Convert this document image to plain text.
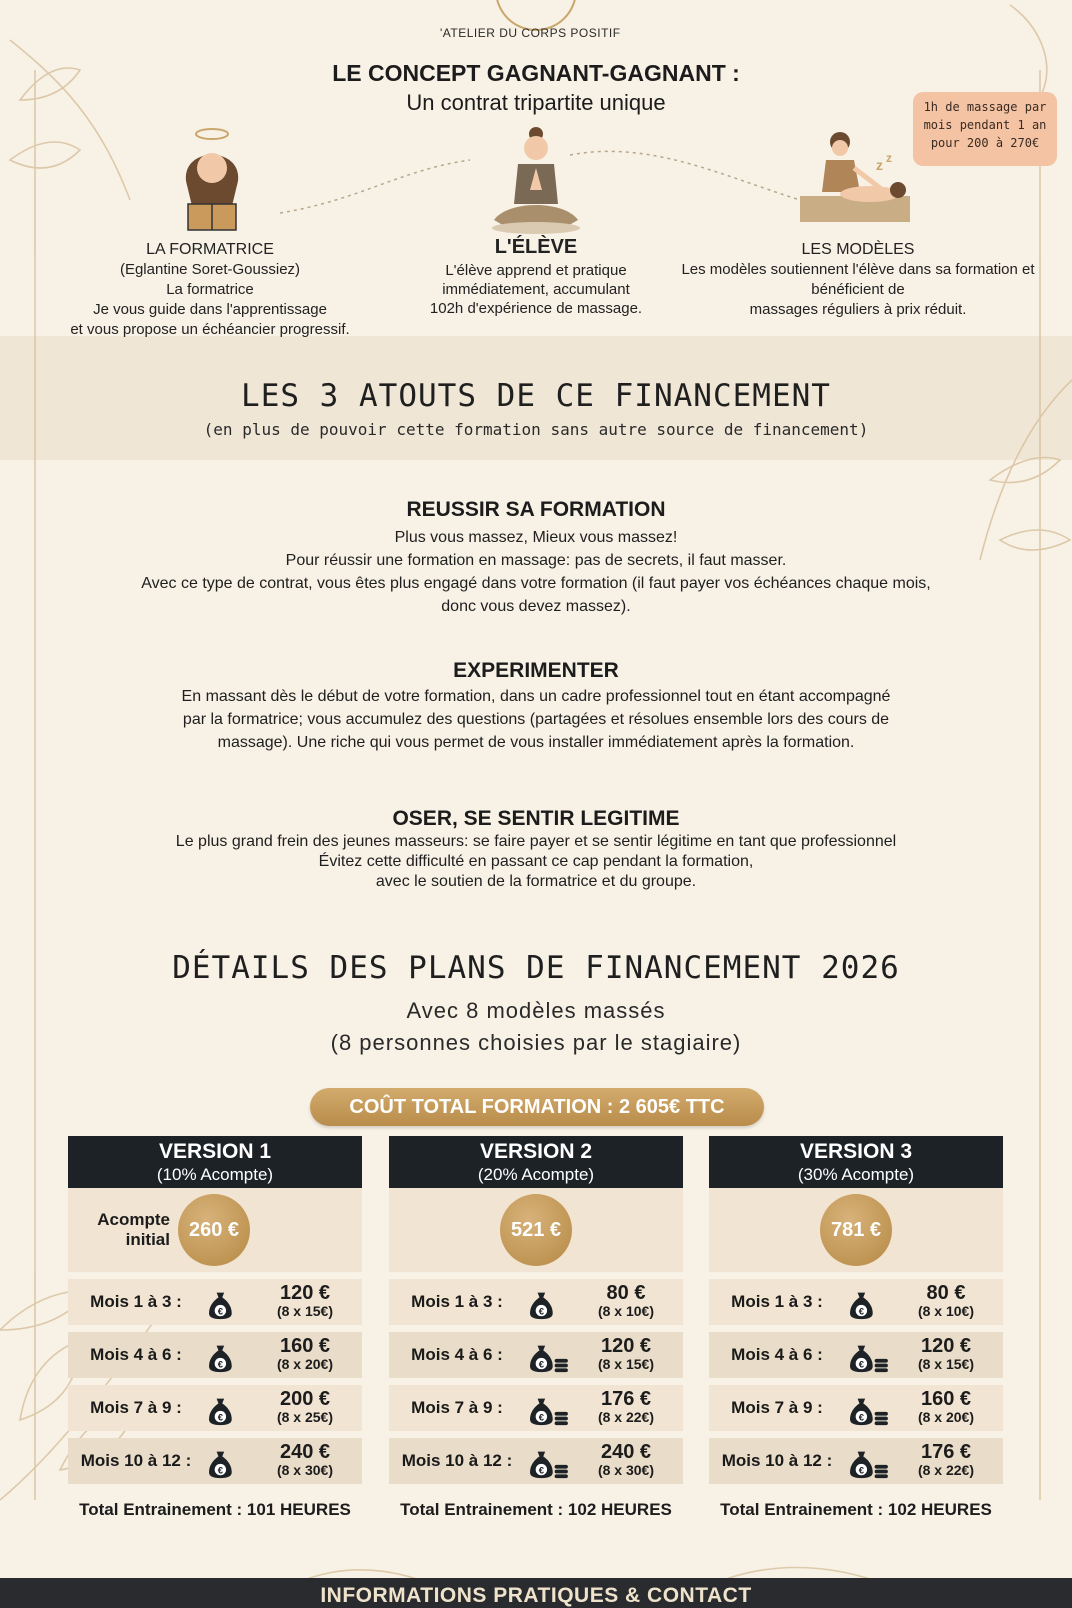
'ATELIER DU CORPS POSITIF
LE CONCEPT GAGNANT-GAGNANT :
Un contrat tripartite unique	1h de massage par mois pendant 1 an pour 200 à 270€
z z
LA FORMATRICE
(Eglantine Soret-Goussiez)
La formatrice
Je vous guide dans l'apprentissage
et vous propose un échéancier progressif.
L'ÉLÈVE
L'élève apprend et pratique
immédiatement, accumulant
102h d'expérience de massage.
LES MODÈLES
Les modèles soutiennent l'élève dans sa formation et
bénéficient de
massages réguliers à prix réduit.
LES 3 ATOUTS DE CE FINANCEMENT
(en plus de pouvoir cette formation sans autre source de financement)
REUSSIR SA FORMATION
Plus vous massez, Mieux vous massez!
Pour réussir une formation en massage: pas de secrets, il faut masser.
Avec ce type de contrat, vous êtes plus engagé dans votre formation (il faut payer vos échéances chaque mois,
donc vous devez massez).
EXPERIMENTER
En massant dès le début de votre formation, dans un cadre professionnel tout en étant accompagné
par la formatrice; vous accumulez des questions (partagées et résolues ensemble lors des cours de
massage). Une riche qui vous permet de vous installer immédiatement après la formation.
OSER, SE SENTIR LEGITIME
Le plus grand frein des jeunes masseurs: se faire payer et se sentir légitime en tant que professionnel
Évitez cette difficulté en passant ce cap pendant la formation,
avec le soutien de la formatrice et du groupe.
DÉTAILS DES PLANS DE FINANCEMENT 2026
Avec 8 modèles massés
(8 personnes choisies par le stagiaire)
COÛT TOTAL FORMATION : 2 605€ TTC
VERSION 1
(10% Acompte)
Acompte
initial 260 €
Mois 1 à 3 :
€
120 €
(8 x 15€)
Mois 4 à 6 :
€
160 €
(8 x 20€)
Mois 7 à 9 :
€
200 €
(8 x 25€)
Mois 10 à 12 :
€
240 €
(8 x 30€)
Total Entrainement : 101 HEURES
VERSION 2
(20% Acompte)
521 €
Mois 1 à 3 :
€
80 €
(8 x 10€)
Mois 4 à 6 :
€
120 €
(8 x 15€)
Mois 7 à 9 :
€
176 €
(8 x 22€)
Mois 10 à 12 :
€
240 €
(8 x 30€)
Total Entrainement : 102 HEURES
VERSION 3
(30% Acompte)
781 €
Mois 1 à 3 :
€
80 €
(8 x 10€)
Mois 4 à 6 :
€
120 €
(8 x 15€)
Mois 7 à 9 :
€
160 €
(8 x 20€)
Mois 10 à 12 :
€
176 €
(8 x 22€)
Total Entrainement : 102 HEURES
INFORMATIONS PRATIQUES & CONTACT
